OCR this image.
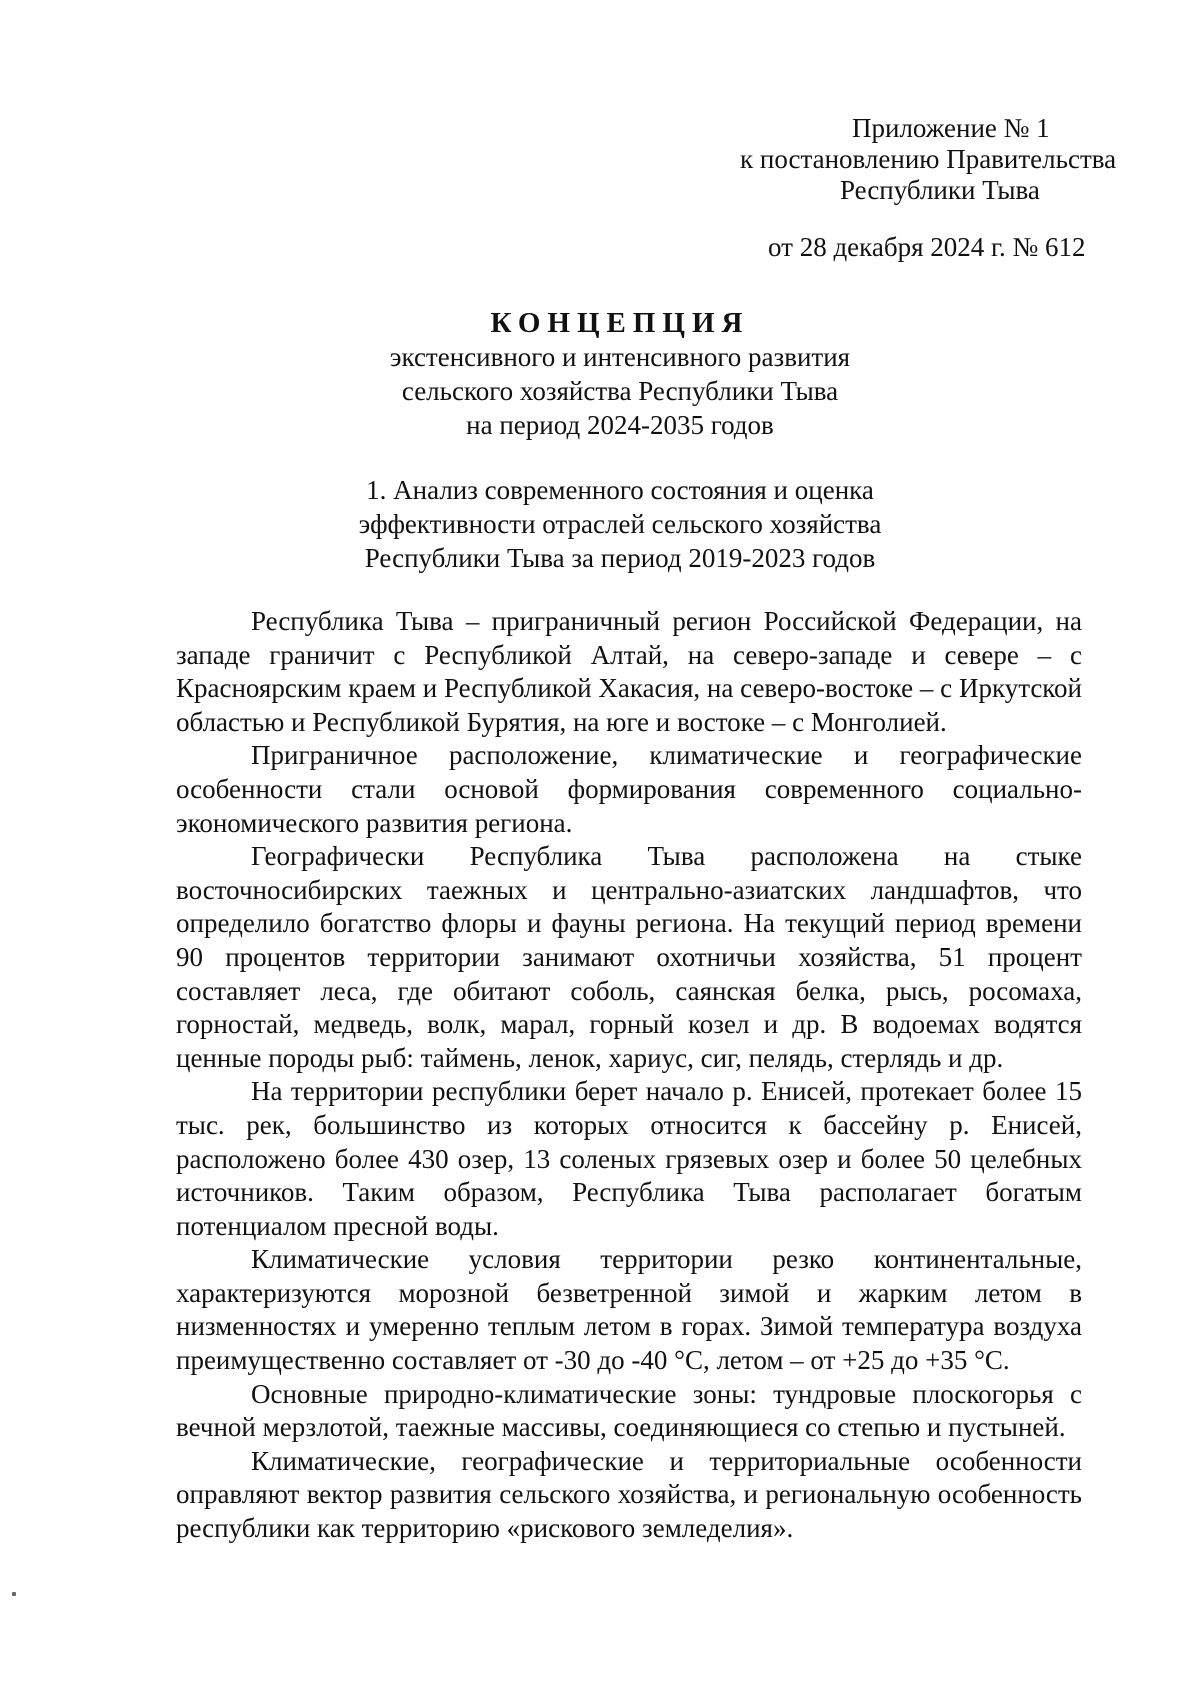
Приложение № 1
к постановлению Правительства
Республики Тыва
от 28 декабря 2024 г. № 612

КОНЦЕПЦИЯ

экстенсивного и интенсивного развития

сельского хозяйства Республики Тыва

на период 2024-2035 годов

1. Анализ современного состояния и оценка
эффективности отраслей сельского хозяйства
Республики Тыва за период 2019-2023 годов

Республика Тыва – приграничный регион Российской Федерации, на западе граничит с Республикой Алтай, на северо-западе и севере – с Красноярским краем и Республикой Хакасия, на северо-востоке – с Иркутской областью и Республикой Бурятия, на юге и востоке – с Монголией.

Приграничное расположение, климатические и географические особенности стали основой формирования современного социально-экономического развития региона.

Географически Республика Тыва расположена на стыке восточносибирских таежных и центрально-азиатских ландшафтов, что определило богатство флоры и фауны региона. На текущий период времени 90 процентов территории занимают охотничьи хозяйства, 51 процент составляет леса, где обитают соболь, саянская белка, рысь, росомаха, горностай, медведь, волк, марал, горный козел и др. В водоемах водятся ценные породы рыб: таймень, ленок, хариус, сиг, пелядь, стерлядь и др.

На территории республики берет начало р. Енисей, протекает более 15 тыс. рек, большинство из которых относится к бассейну р. Енисей, расположено более 430 озер, 13 соленых грязевых озер и более 50 целебных источников. Таким образом, Республика Тыва располагает богатым потенциалом пресной воды.

Климатические условия территории резко континентальные, характеризуются морозной безветренной зимой и жарким летом в низменностях и умеренно теплым летом в горах. Зимой температура воздуха преимущественно составляет от -30 до -40 °C, летом – от +25 до +35 °C.

Основные природно-климатические зоны: тундровые плоскогорья с вечной мерзлотой, таежные массивы, соединяющиеся со степью и пустыней.

Климатические, географические и территориальные особенности оправляют вектор развития сельского хозяйства, и региональную особенность республики как территорию «рискового земледелия».
